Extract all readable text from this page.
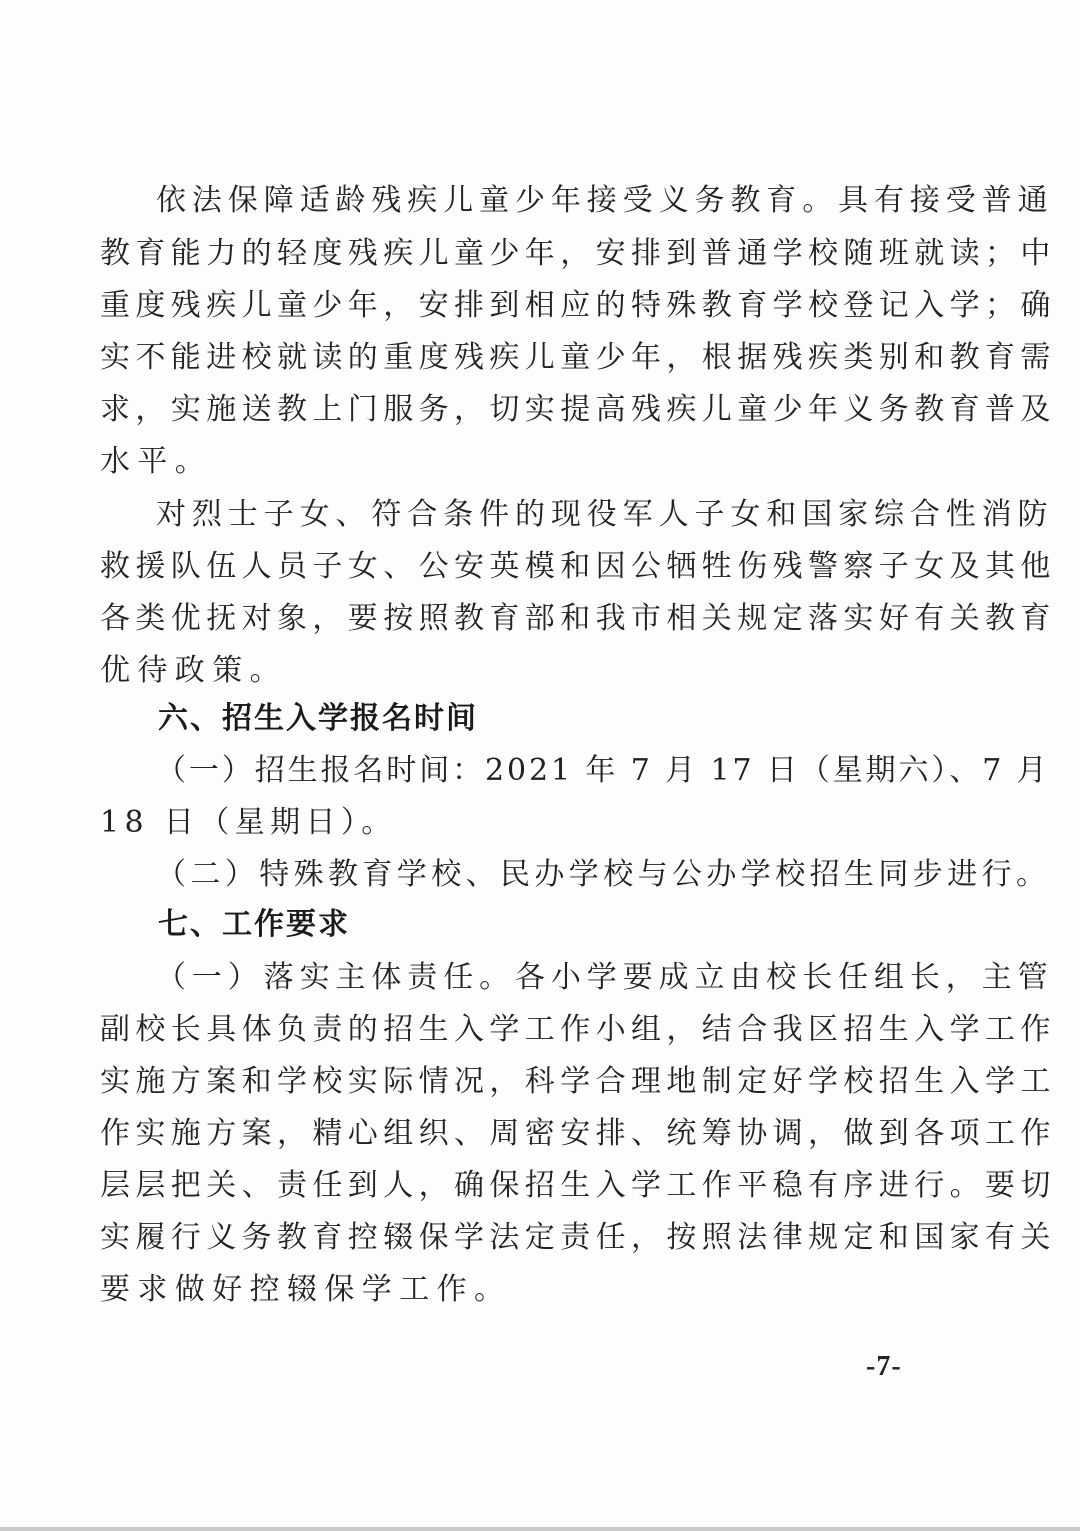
依法保障适龄残疾儿童少年接受义务教育。具有接受普通
教育能力的轻度残疾儿童少年，安排到普通学校随班就读；中
重度残疾儿童少年，安排到相应的特殊教育学校登记入学；确
实不能进校就读的重度残疾儿童少年，根据残疾类别和教育需
求，实施送教上门服务，切实提高残疾儿童少年义务教育普及
水平。
对烈士子女、符合条件的现役军人子女和国家综合性消防
救援队伍人员子女、公安英模和因公牺牲伤残警察子女及其他
各类优抚对象，要按照教育部和我市相关规定落实好有关教育
优待政策。
六、招生入学报名时间
（一）招生报名时间：2021 年 7 月 17 日（星期六）、7 月
18 日（星期日）。
（二）特殊教育学校、民办学校与公办学校招生同步进行。
七、工作要求
（一）落实主体责任。各小学要成立由校长任组长，主管
副校长具体负责的招生入学工作小组，结合我区招生入学工作
实施方案和学校实际情况，科学合理地制定好学校招生入学工
作实施方案，精心组织、周密安排、统筹协调，做到各项工作
层层把关、责任到人，确保招生入学工作平稳有序进行。要切
实履行义务教育控辍保学法定责任，按照法律规定和国家有关
要求做好控辍保学工作。
-7-
